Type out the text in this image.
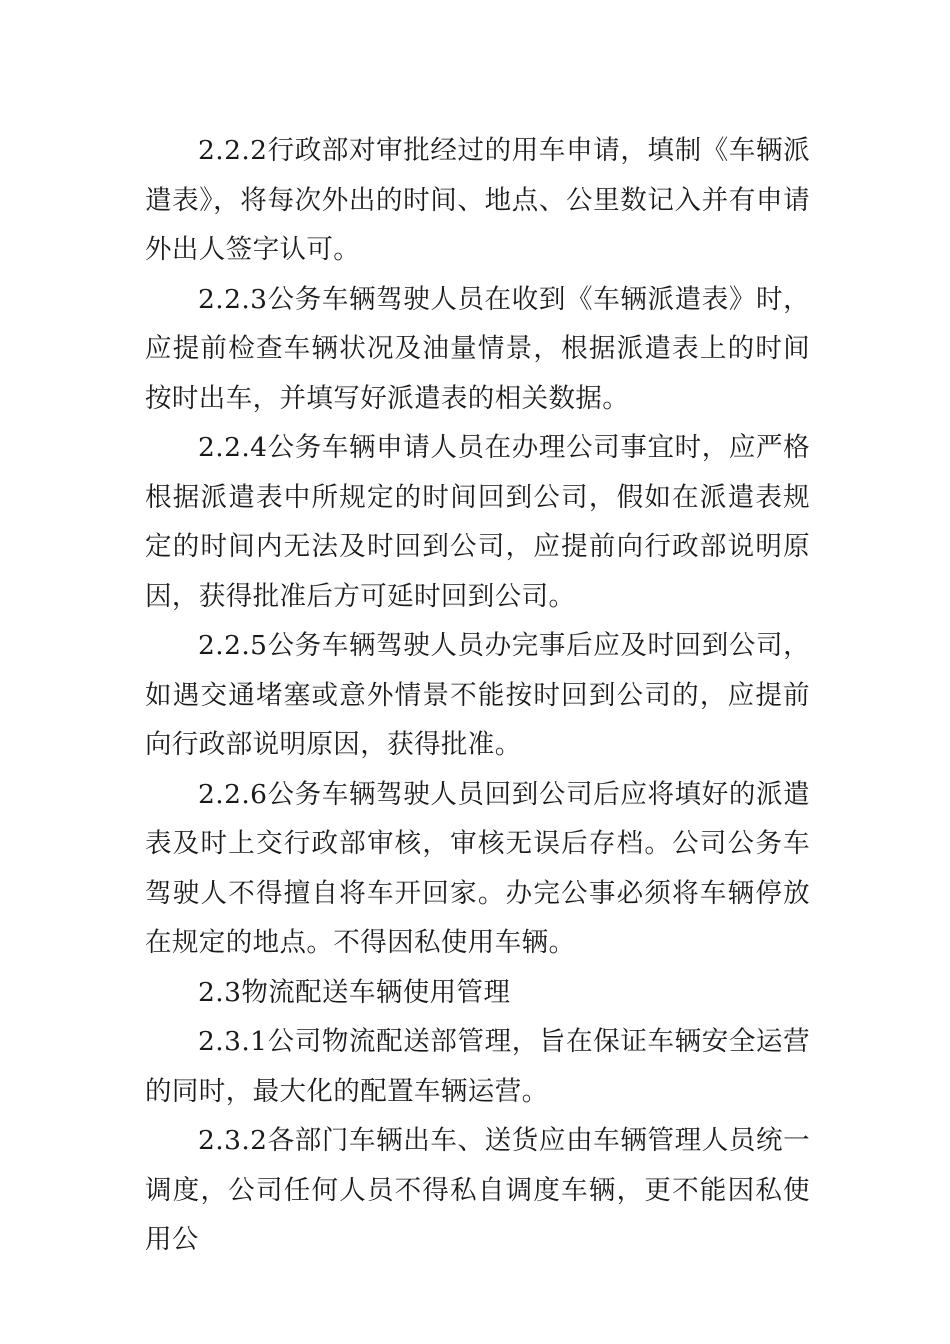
2.2.2行政部对审批经过的用车申请，填制《车辆派遣表》，将每次外出的时间、地点、公里数记入并有申请外出人签字认可。

2.2.3公务车辆驾驶人员在收到《车辆派遣表》时，应提前检查车辆状况及油量情景，根据派遣表上的时间按时出车，并填写好派遣表的相关数据。

2.2.4公务车辆申请人员在办理公司事宜时，应严格根据派遣表中所规定的时间回到公司，假如在派遣表规定的时间内无法及时回到公司，应提前向行政部说明原因，获得批准后方可延时回到公司。

2.2.5公务车辆驾驶人员办完事后应及时回到公司，如遇交通堵塞或意外情景不能按时回到公司的，应提前向行政部说明原因，获得批准。

2.2.6公务车辆驾驶人员回到公司后应将填好的派遣表及时上交行政部审核，审核无误后存档。公司公务车驾驶人不得擅自将车开回家。办完公事必须将车辆停放在规定的地点。不得因私使用车辆。

2.3物流配送车辆使用管理

2.3.1公司物流配送部管理，旨在保证车辆安全运营的同时，最大化的配置车辆运营。

2.3.2各部门车辆出车、送货应由车辆管理人员统一调度，公司任何人员不得私自调度车辆，更不能因私使用公
